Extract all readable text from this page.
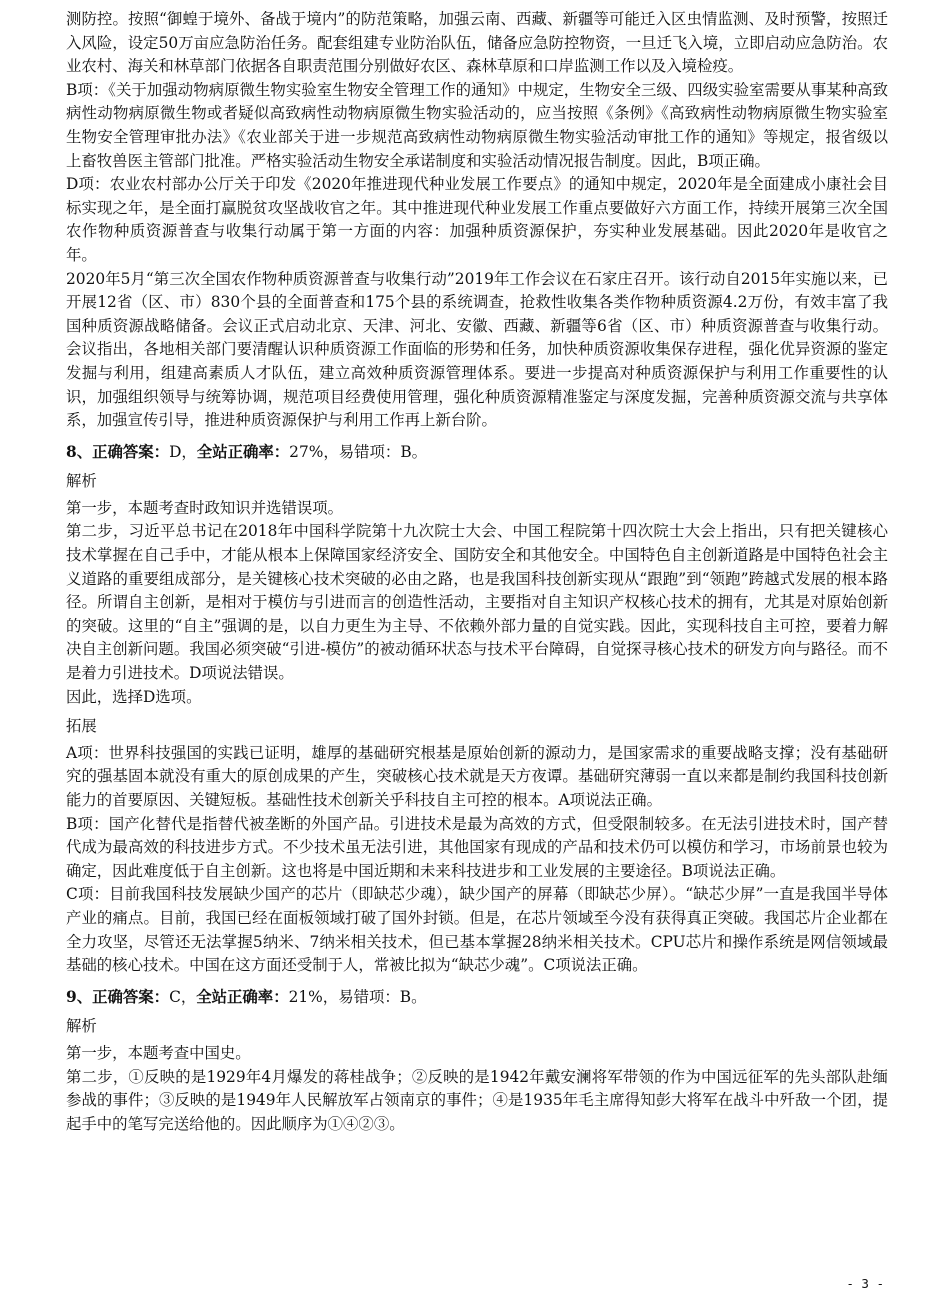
测防控。按照“御蝗于境外、备战于境内”的防范策略，加强云南、西藏、新疆等可能迁入区虫情监测、及时预警，按照迁入风险，设定50万亩应急防治任务。配套组建专业防治队伍，储备应急防控物资，一旦迁飞入境，立即启动应急防治。农业农村、海关和林草部门依据各自职责范围分别做好农区、森林草原和口岸监测工作以及入境检疫。

B项：《关于加强动物病原微生物实验室生物安全管理工作的通知》中规定，生物安全三级、四级实验室需要从事某种高致病性动物病原微生物或者疑似高致病性动物病原微生物实验活动的，应当按照《条例》《高致病性动物病原微生物实验室生物安全管理审批办法》《农业部关于进一步规范高致病性动物病原微生物实验活动审批工作的通知》等规定，报省级以上畜牧兽医主管部门批准。严格实验活动生物安全承诺制度和实验活动情况报告制度。因此，B项正确。

D项：农业农村部办公厅关于印发《2020年推进现代种业发展工作要点》的通知中规定，2020年是全面建成小康社会目标实现之年，是全面打赢脱贫攻坚战收官之年。其中推进现代种业发展工作重点要做好六方面工作，持续开展第三次全国农作物种质资源普查与收集行动属于第一方面的内容：加强种质资源保护，夯实种业发展基础。因此2020年是收官之年。

2020年5月“第三次全国农作物种质资源普查与收集行动”2019年工作会议在石家庄召开。该行动自2015年实施以来，已开展12省（区、市）830个县的全面普查和175个县的系统调查，抢救性收集各类作物种质资源4.2万份，有效丰富了我国种质资源战略储备。会议正式启动北京、天津、河北、安徽、西藏、新疆等6省（区、市）种质资源普查与收集行动。会议指出，各地相关部门要清醒认识种质资源工作面临的形势和任务，加快种质资源收集保存进程，强化优异资源的鉴定发掘与利用，组建高素质人才队伍，建立高效种质资源管理体系。要进一步提高对种质资源保护与利用工作重要性的认识，加强组织领导与统筹协调，规范项目经费使用管理，强化种质资源精准鉴定与深度发掘，完善种质资源交流与共享体系，加强宣传引导，推进种质资源保护与利用工作再上新台阶。

8、正确答案：D，全站正确率：27%，易错项：B。

解析

第一步，本题考查时政知识并选错误项。

第二步，习近平总书记在2018年中国科学院第十九次院士大会、中国工程院第十四次院士大会上指出，只有把关键核心技术掌握在自己手中，才能从根本上保障国家经济安全、国防安全和其他安全。中国特色自主创新道路是中国特色社会主义道路的重要组成部分，是关键核心技术突破的必由之路，也是我国科技创新实现从“跟跑”到“领跑”跨越式发展的根本路径。所谓自主创新，是相对于模仿与引进而言的创造性活动，主要指对自主知识产权核心技术的拥有，尤其是对原始创新的突破。这里的“自主”强调的是，以自力更生为主导、不依赖外部力量的自觉实践。因此，实现科技自主可控，要着力解决自主创新问题。我国必须突破“引进-模仿”的被动循环状态与技术平台障碍，自觉探寻核心技术的研发方向与路径。而不是着力引进技术。D项说法错误。

因此，选择D选项。

拓展

A项：世界科技强国的实践已证明，雄厚的基础研究根基是原始创新的源动力，是国家需求的重要战略支撑；没有基础研究的强基固本就没有重大的原创成果的产生，突破核心技术就是天方夜谭。基础研究薄弱一直以来都是制约我国科技创新能力的首要原因、关键短板。基础性技术创新关乎科技自主可控的根本。A项说法正确。

B项：国产化替代是指替代被垄断的外国产品。引进技术是最为高效的方式，但受限制较多。在无法引进技术时，国产替代成为最高效的科技进步方式。不少技术虽无法引进，其他国家有现成的产品和技术仍可以模仿和学习，市场前景也较为确定，因此难度低于自主创新。这也将是中国近期和未来科技进步和工业发展的主要途径。B项说法正确。

C项：目前我国科技发展缺少国产的芯片（即缺芯少魂），缺少国产的屏幕（即缺芯少屏）。“缺芯少屏”一直是我国半导体产业的痛点。目前，我国已经在面板领域打破了国外封锁。但是，在芯片领域至今没有获得真正突破。我国芯片企业都在全力攻坚，尽管还无法掌握5纳米、7纳米相关技术，但已基本掌握28纳米相关技术。CPU芯片和操作系统是网信领域最基础的核心技术。中国在这方面还受制于人，常被比拟为“缺芯少魂”。C项说法正确。

9、正确答案：C，全站正确率：21%，易错项：B。

解析

第一步，本题考查中国史。

第二步，①反映的是1929年4月爆发的蒋桂战争；②反映的是1942年戴安澜将军带领的作为中国远征军的先头部队赴缅参战的事件；③反映的是1949年人民解放军占领南京的事件；④是1935年毛主席得知彭大将军在战斗中歼敌一个团，提起手中的笔写完送给他的。因此顺序为①④②③。

- 3 -
